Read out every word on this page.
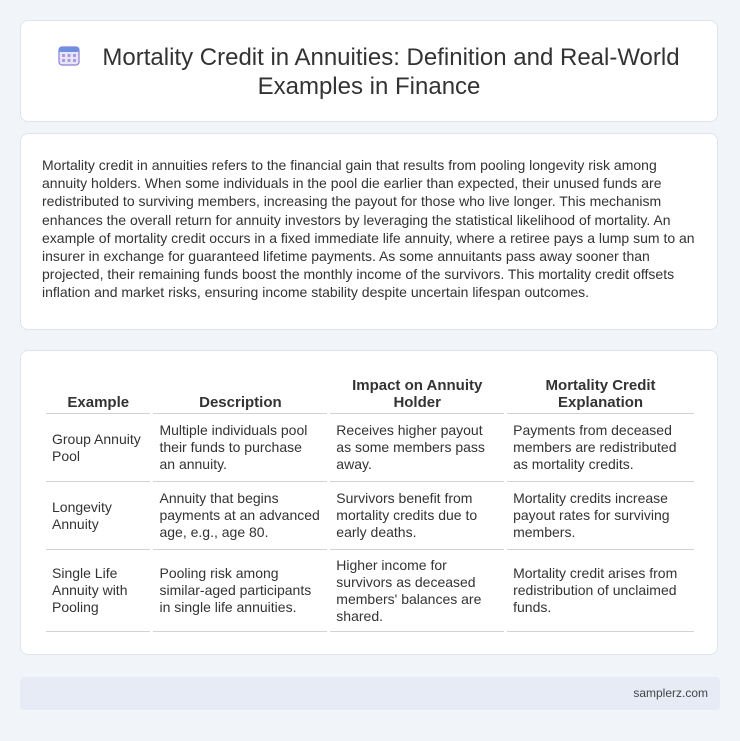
Mortality Credit in Annuities: Definition and Real-World Examples in Finance

Mortality credit in annuities refers to the financial gain that results from pooling longevity risk among annuity holders. When some individuals in the pool die earlier than expected, their unused funds are redistributed to surviving members, increasing the payout for those who live longer. This mechanism enhances the overall return for annuity investors by leveraging the statistical likelihood of mortality. An example of mortality credit occurs in a fixed immediate life annuity, where a retiree pays a lump sum to an insurer in exchange for guaranteed lifetime payments. As some annuitants pass away sooner than projected, their remaining funds boost the monthly income of the survivors. This mortality credit offsets inflation and market risks, ensuring income stability despite uncertain lifespan outcomes.

Example	Description	Impact on Annuity Holder	Mortality Credit Explanation
Group Annuity Pool	Multiple individuals pool their funds to purchase an annuity.	Receives higher payout as some members pass away.	Payments from deceased members are redistributed as mortality credits.
Longevity Annuity	Annuity that begins payments at an advanced age, e.g., age 80.	Survivors benefit from mortality credits due to early deaths.	Mortality credits increase payout rates for surviving members.
Single Life Annuity with Pooling	Pooling risk among similar-aged participants in single life annuities.	Higher income for survivors as deceased members' balances are shared.	Mortality credit arises from redistribution of unclaimed funds.
samplerz.com
